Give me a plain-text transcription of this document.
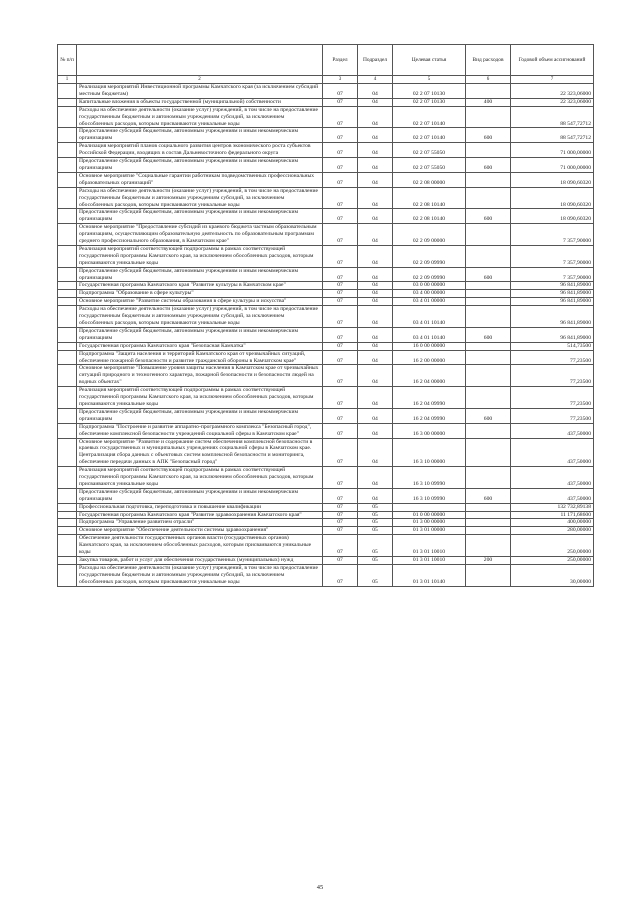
№ п/п		Раздел	Подраздел	Целевая статья	Вид расходов	Годовой объем ассигнований
1	2	3	4	5	6	7
	Реализация мероприятий Инвестиционной программы Камчатского края (за исключением субсидий местным бюджетам)	07	04	02 2 07 10130		22 323,06000
	Капитальные вложения в объекты государственной (муниципальной) собственности	07	04	02 2 07 10130	400	22 323,06000
	Расходы на обеспечение деятельности (оказание услуг) учреждений, в том числе на предоставление государственным бюджетным и автономным учреждениям субсидий, за исключением обособленных расходов, которым присваиваются уникальные коды	07	04	02 2 07 10140		88 547,72712
	Предоставление субсидий бюджетным, автономным учреждениям и иным некоммерческим организациям	07	04	02 2 07 10140	600	88 547,72712
	Реализация мероприятий планов социального развития центров экономического роста субъектов Российской Федерации, входящих в состав Дальневосточного федерального округа	07	04	02 2 07 55050		71 000,00000
	Предоставление субсидий бюджетным, автономным учреждениям и иным некоммерческим организациям	07	04	02 2 07 55050	600	71 000,00000
	Основное мероприятие "Социальные гарантии работникам подведомственных профессиональных образовательных организаций"	07	04	02 2 08 00000		18 090,60320
	Расходы на обеспечение деятельности (оказание услуг) учреждений, в том числе на предоставление государственным бюджетным и автономным учреждениям субсидий, за исключением обособленных расходов, которым присваиваются уникальные коды	07	04	02 2 08 10140		18 090,60320
	Предоставление субсидий бюджетным, автономным учреждениям и иным некоммерческим организациям	07	04	02 2 08 10140	600	18 090,60320
	Основное мероприятие "Предоставление субсидий из краевого бюджета частным образовательным организациям, осуществляющим образовательную деятельность по образовательным программам среднего профессионального образования, в Камчатском крае"	07	04	02 2 09 00000		7 357,90000
	Реализация мероприятий соответствующей подпрограммы в рамках соответствующей государственной программы Камчатского края, за исключением обособленных расходов, которым присваиваются уникальные коды	07	04	02 2 09 09990		7 357,90000
	Предоставление субсидий бюджетным, автономным учреждениям и иным некоммерческим организациям	07	04	02 2 09 09990	600	7 357,90000
	Государственная программа Камчатского края "Развитие культуры в Камчатском крае"	07	04	03 0 00 00000		96 841,89000
	Подпрограмма "Образование в сфере культуры"	07	04	03 4 00 00000		96 841,89000
	Основное мероприятие "Развитие системы образования в сфере культуры и искусства"	07	04	03 4 01 00000		96 841,89000
	Расходы на обеспечение деятельности (оказание услуг) учреждений, в том числе на предоставление государственным бюджетным и автономным учреждениям субсидий, за исключением обособленных расходов, которым присваиваются уникальные коды	07	04	03 4 01 10140		96 841,89000
	Предоставление субсидий бюджетным, автономным учреждениям и иным некоммерческим организациям	07	04	03 4 01 10140	600	96 841,89000
	Государственная программа Камчатского края "Безопасная Камчатка"	07	04	16 0 00 00000		514,73500
	Подпрограмма "Защита населения и территорий Камчатского края от чрезвычайных ситуаций, обеспечение пожарной безопасности и развитие гражданской обороны в Камчатском крае"	07	04	16 2 00 00000		77,23500
	Основное мероприятие "Повышение уровня защиты населения в Камчатском крае от чрезвычайных ситуаций природного и техногенного характера, пожарной безопасности и безопасности людей на водных объектах"	07	04	16 2 04 00000		77,23500
	Реализация мероприятий соответствующей подпрограммы в рамках соответствующей государственной программы Камчатского края, за исключением обособленных расходов, которым присваиваются уникальные коды	07	04	16 2 04 09990		77,23500
	Предоставление субсидий бюджетным, автономным учреждениям и иным некоммерческим организациям	07	04	16 2 04 09990	600	77,23500
	Подпрограмма "Построение и развитие аппаратно-программного комплекса "Безопасный город", обеспечение комплексной безопасности учреждений социальной сферы в Камчатском крае"	07	04	16 3 00 00000		437,50000
	Основное мероприятие "Развитие и содержание систем обеспечения комплексной безопасности в краевых государственных и муниципальных учреждениях социальной сферы в Камчатском крае. Централизация сбора данных с объектовых систем комплексной безопасности и мониторинга, обеспечение передачи данных в АПК "Безопасный город"	07	04	16 3 10 00000		437,50000
	Реализация мероприятий соответствующей подпрограммы в рамках соответствующей государственной программы Камчатского края, за исключением обособленных расходов, которым присваиваются уникальные коды	07	04	16 3 10 09990		437,50000
	Предоставление субсидий бюджетным, автономным учреждениям и иным некоммерческим организациям	07	04	16 3 10 09990	600	437,50000
	Профессиональная подготовка, переподготовка и повышение квалификации	07	05			132 732,89138
	Государственная программа Камчатского края "Развитие здравоохранения Камчатского края"	07	05	01 0 00 00000		11 171,68600
	Подпрограмма "Управление развитием отрасли"	07	05	01 3 00 00000		400,00000
	Основное мероприятие "Обеспечение деятельности системы здравоохранения"	07	05	01 3 01 00000		280,00000
	Обеспечение деятельности государственных органов власти (государственных органов) Камчатского края, за исключением обособленных расходов, которым присваиваются уникальные коды	07	05	01 3 01 10010		250,00000
	Закупка товаров, работ и услуг для обеспечения государственных (муниципальных) нужд	07	05	01 3 01 10010	200	250,00000
	Расходы на обеспечение деятельности (оказание услуг) учреждений, в том числе на предоставление государственным бюджетным и автономным учреждениям субсидий, за исключением обособленных расходов, которым присваиваются уникальные коды	07	05	01 3 01 10140		30,00000
45
